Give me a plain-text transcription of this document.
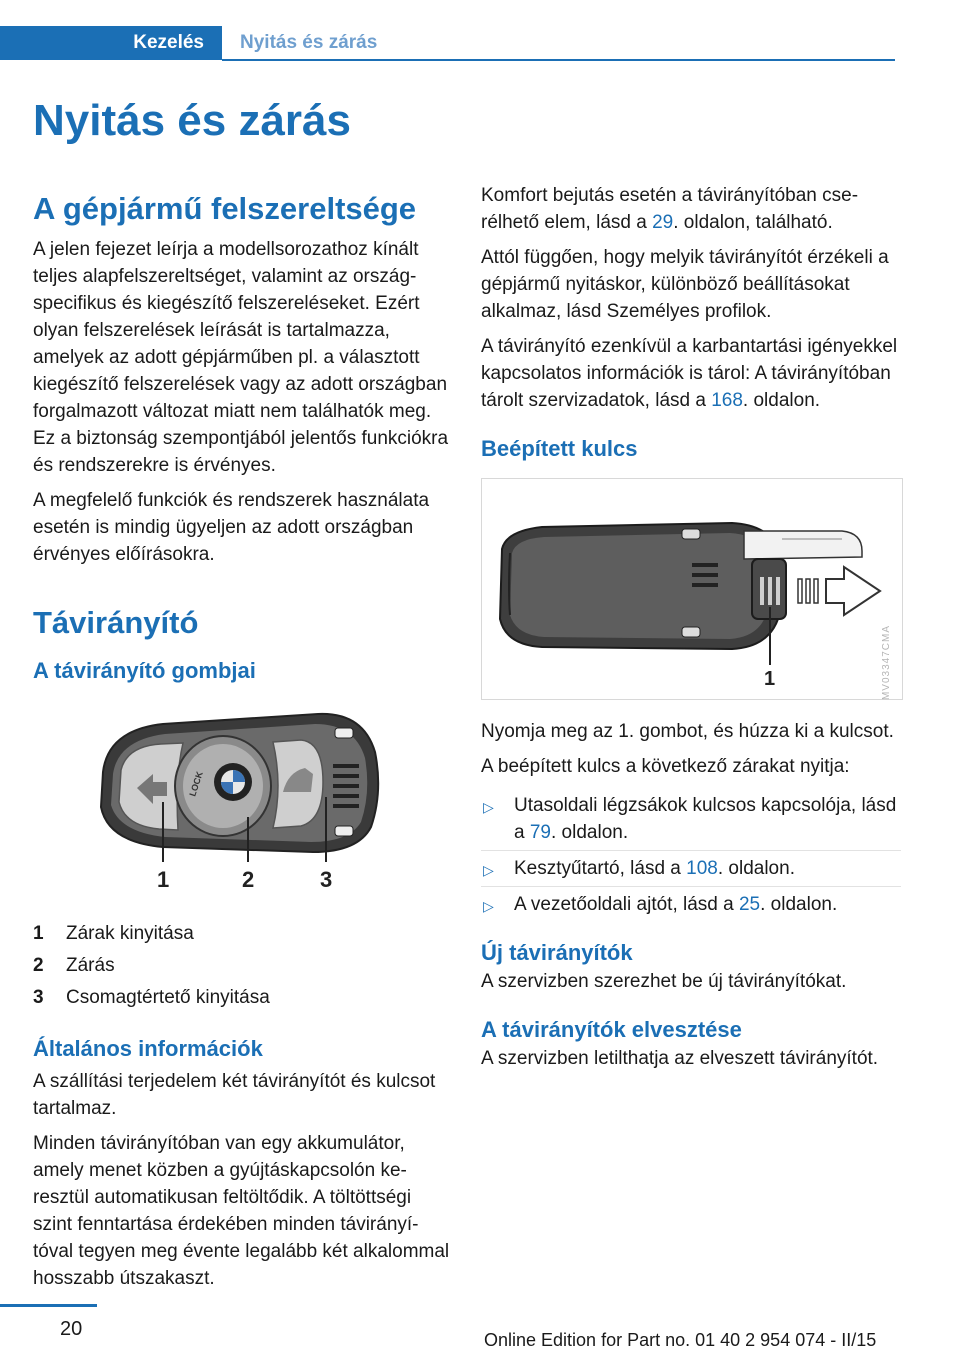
Kezelés	Nyitás és zárás
Nyitás és zárás
A gépjármű felszereltsége

A jelen fejezet leírja a modellsorozathoz kínált teljes alapfelszereltséget, valamint az országspecifikus és kiegészítő felszereléseket. Ezért olyan felszerelések leírását is tartalmazza, amelyek az adott gépjárműben pl. a választott kiegészítő felszerelések vagy az adott országban forgalmazott változat miatt nem találhatók meg. Ez a biztonság szempontjából jelentős funkciókra és rendszerekre is érvényes.

A megfelelő funkciók és rendszerek használata esetén is mindig ügyeljen az adott országban érvényes előírásokra.

Távirányító
A távirányító gombjai
LOCK
1	2	3
1	Zárak kinyitása
2	Zárás
3	Csomagtértető kinyitása
Általános információk

A szállítási terjedelem két távirányítót és kulcsot tartalmaz.

Minden távirányítóban van egy akkumulátor, amely menet közben a gyújtáskapcsolón keresztül automatikusan feltöltődik. A töltöttségi szint fenntartása érdekében minden távirányítóval tegyen meg évente legalább két alkalommal hosszabb útszakaszt.

Komfort bejutás esetén a távirányítóban cserélhető elem, lásd a 29. oldalon, található.

Attól függően, hogy melyik távirányítót érzékeli a gépjármű nyitáskor, különböző beállításokat alkalmaz, lásd Személyes profilok.

A távirányító ezenkívül a karbantartási igényekkel kapcsolatos információk is tárol: A távirányítóban tárolt szervizadatok, lásd a 168. oldalon.

Beépített kulcs
1	MV03347CMA

Nyomja meg az 1. gombot, és húzza ki a kulcsot.

A beépített kulcs a következő zárakat nyitja:

▷ Utasoldali légzsákok kulcsos kapcsolója, lásd a 79. oldalon.
▷ Kesztyűtartó, lásd a 108. oldalon.
▷ A vezetőoldali ajtót, lásd a 25. oldalon.
Új távirányítók

A szervizben szerezhet be új távirányítókat.

A távirányítók elvesztése

A szervizben letilthatja az elveszett távirányítót.

20	Online Edition for Part no. 01 40 2 954 074 - II/15
